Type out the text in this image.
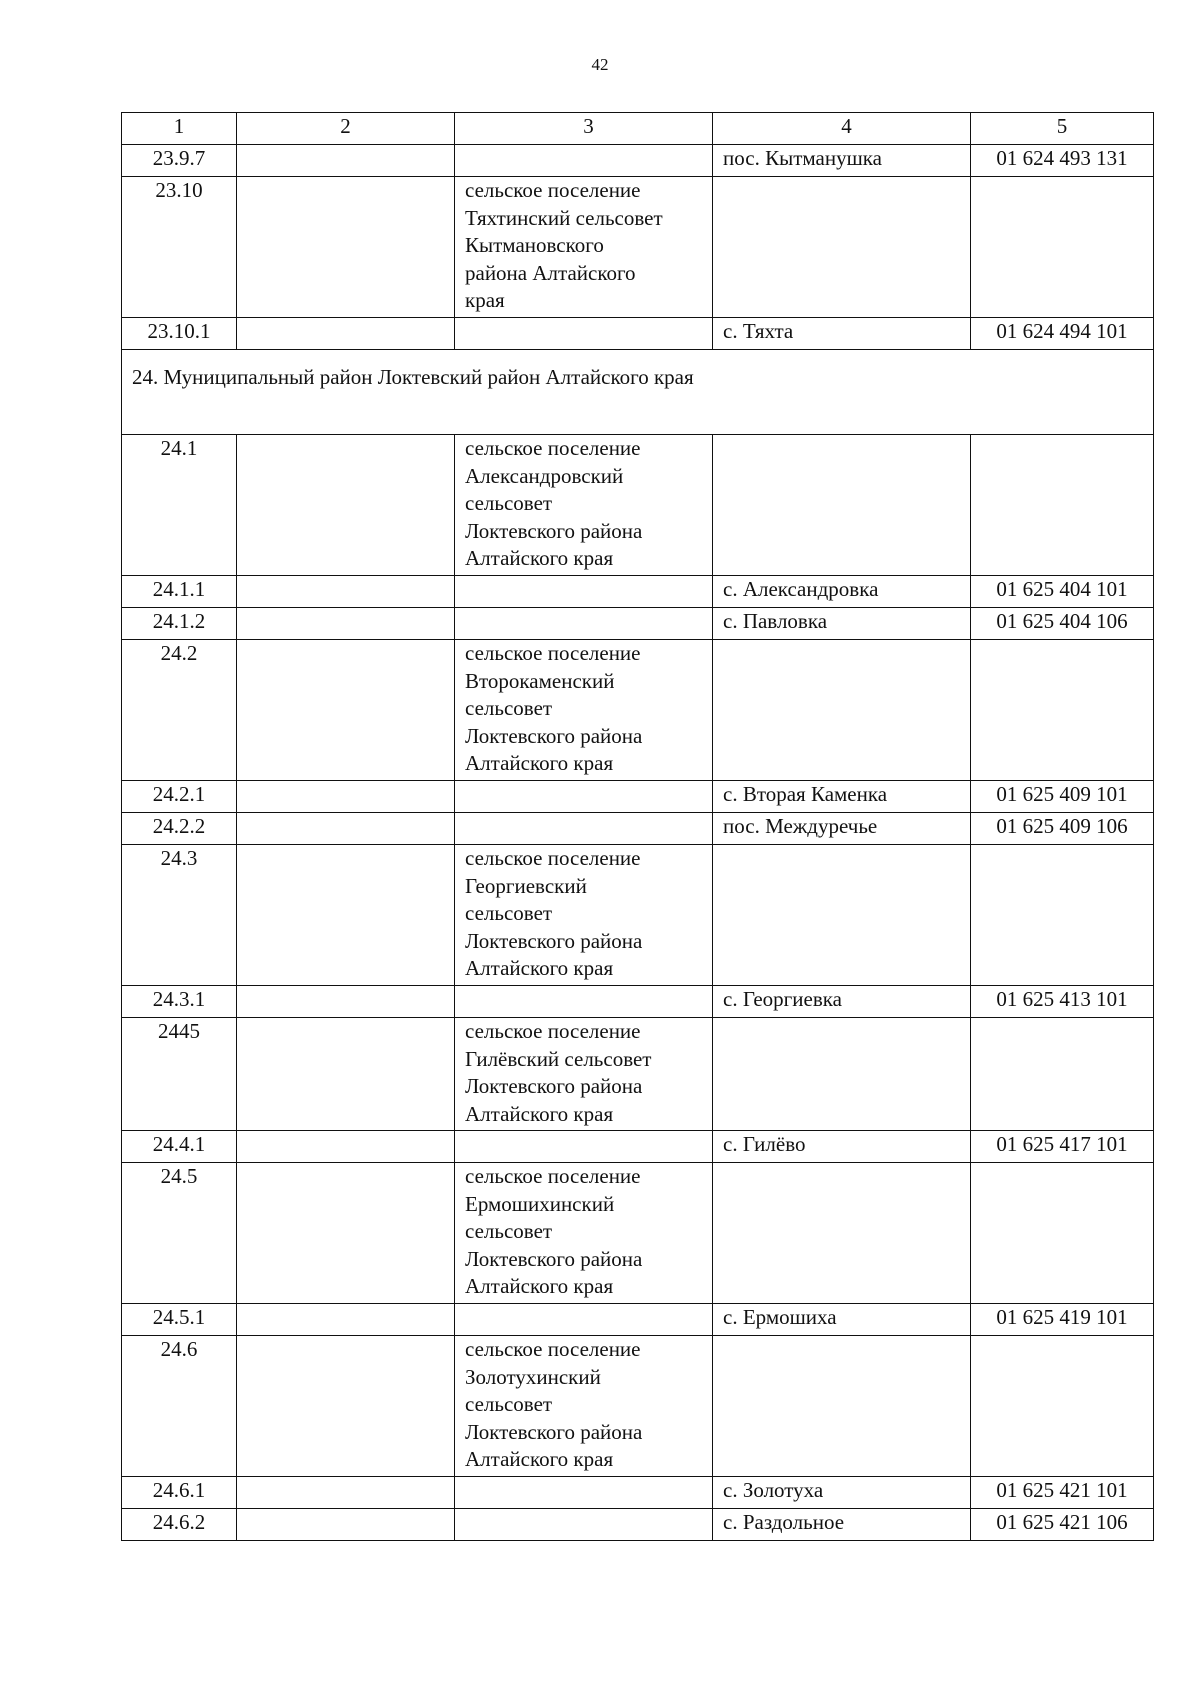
42
1	2	3	4	5
23.9.7			пос. Кытманушка	01 624 493 131
23.10		сельское поселение
Тяхтинский сельсовет
Кытмановского
района Алтайского
края		

23.10.1			с. Тяхта	01 624 494 101
24. Муниципальный район Локтевский район Алтайского края				
24.1		сельское поселение
Александровский
сельсовет
Локтевского района
Алтайского края		

24.1.1			с. Александровка	01 625 404 101
24.1.2			с. Павловка	01 625 404 106
24.2		сельское поселение
Второкаменский
сельсовет
Локтевского района
Алтайского края		

24.2.1			с. Вторая Каменка	01 625 409 101
24.2.2			пос. Междуречье	01 625 409 106
24.3		сельское поселение
Георгиевский
сельсовет
Локтевского района
Алтайского края		

24.3.1			с. Георгиевка	01 625 413 101
2445		сельское поселение
Гилёвский сельсовет
Локтевского района
Алтайского края		

24.4.1			с. Гилёво	01 625 417 101
24.5		сельское поселение
Ермошихинский
сельсовет
Локтевского района
Алтайского края		

24.5.1			с. Ермошиха	01 625 419 101
24.6		сельское поселение
Золотухинский
сельсовет
Локтевского района
Алтайского края		

24.6.1			с. Золотуха	01 625 421 101
24.6.2			с. Раздольное	01 625 421 106
